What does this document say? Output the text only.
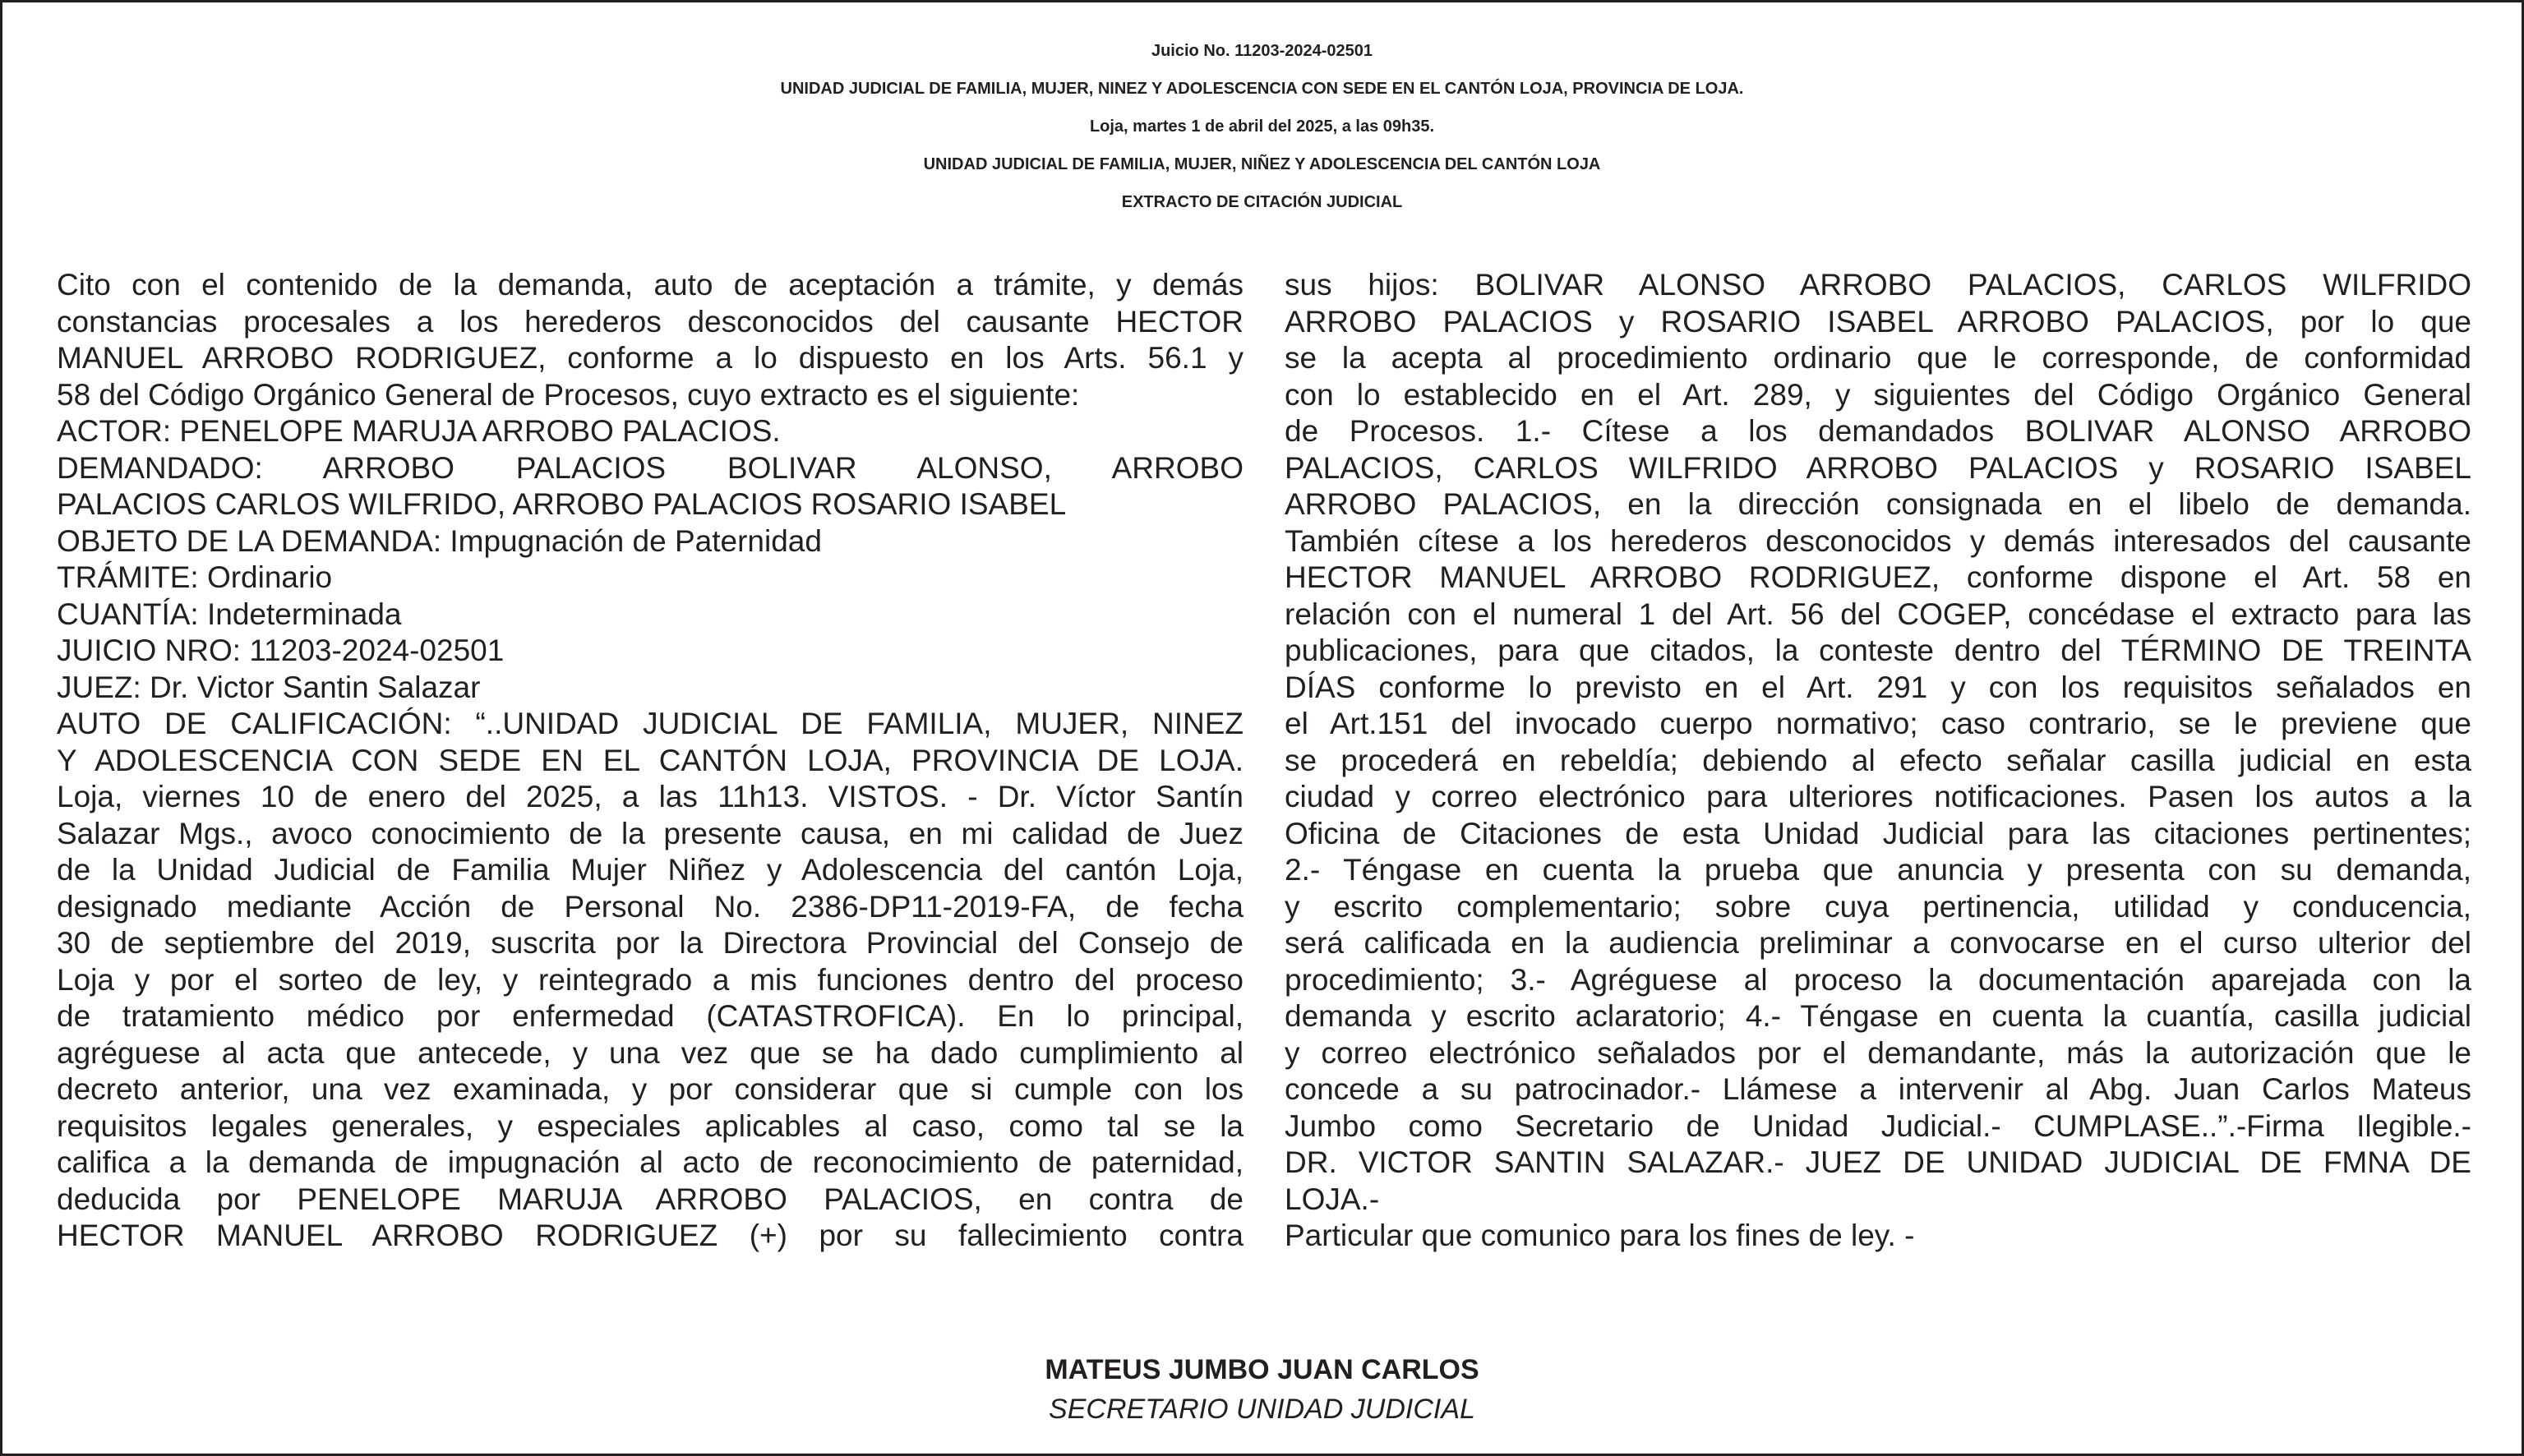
Juicio No. 11203-2024-02501
UNIDAD JUDICIAL DE FAMILIA, MUJER, NINEZ Y ADOLESCENCIA CON SEDE EN EL CANTÓN LOJA, PROVINCIA DE LOJA.
Loja, martes 1 de abril del 2025, a las 09h35.
UNIDAD JUDICIAL DE FAMILIA, MUJER, NIÑEZ Y ADOLESCENCIA DEL CANTÓN LOJA
EXTRACTO DE CITACIÓN JUDICIAL
Cito con el contenido de la demanda, auto de aceptación a trámite, y demás
constancias procesales a los herederos desconocidos del causante HECTOR
MANUEL ARROBO RODRIGUEZ, conforme a lo dispuesto en los Arts. 56.1 y
58 del Código Orgánico General de Procesos, cuyo extracto es el siguiente:
ACTOR: PENELOPE MARUJA ARROBO PALACIOS.
DEMANDADO: ARROBO PALACIOS BOLIVAR ALONSO, ARROBO
PALACIOS CARLOS WILFRIDO, ARROBO PALACIOS ROSARIO ISABEL
OBJETO DE LA DEMANDA: Impugnación de Paternidad
TRÁMITE: Ordinario
CUANTÍA: Indeterminada
JUICIO NRO: 11203-2024-02501
JUEZ: Dr. Victor Santin Salazar
AUTO DE CALIFICACIÓN: “..UNIDAD JUDICIAL DE FAMILIA, MUJER, NINEZ
Y ADOLESCENCIA CON SEDE EN EL CANTÓN LOJA, PROVINCIA DE LOJA.
Loja, viernes 10 de enero del 2025, a las 11h13. VISTOS. - Dr. Víctor Santín
Salazar Mgs., avoco conocimiento de la presente causa, en mi calidad de Juez
de la Unidad Judicial de Familia Mujer Niñez y Adolescencia del cantón Loja,
designado mediante Acción de Personal No. 2386-DP11-2019-FA, de fecha
30 de septiembre del 2019, suscrita por la Directora Provincial del Consejo de
Loja y por el sorteo de ley, y reintegrado a mis funciones dentro del proceso
de tratamiento médico por enfermedad (CATASTROFICA). En lo principal,
agréguese al acta que antecede, y una vez que se ha dado cumplimiento al
decreto anterior, una vez examinada, y por considerar que si cumple con los
requisitos legales generales, y especiales aplicables al caso, como tal se la
califica a la demanda de impugnación al acto de reconocimiento de paternidad,
deducida por PENELOPE MARUJA ARROBO PALACIOS, en contra de
HECTOR MANUEL ARROBO RODRIGUEZ (+) por su fallecimiento contra
sus hijos: BOLIVAR ALONSO ARROBO PALACIOS, CARLOS WILFRIDO
ARROBO PALACIOS y ROSARIO ISABEL ARROBO PALACIOS, por lo que
se la acepta al procedimiento ordinario que le corresponde, de conformidad
con lo establecido en el Art. 289, y siguientes del Código Orgánico General
de Procesos. 1.- Cítese a los demandados BOLIVAR ALONSO ARROBO
PALACIOS, CARLOS WILFRIDO ARROBO PALACIOS y ROSARIO ISABEL
ARROBO PALACIOS, en la dirección consignada en el libelo de demanda.
También cítese a los herederos desconocidos y demás interesados del causante
HECTOR MANUEL ARROBO RODRIGUEZ, conforme dispone el Art. 58 en
relación con el numeral 1 del Art. 56 del COGEP, concédase el extracto para las
publicaciones, para que citados, la conteste dentro del TÉRMINO DE TREINTA
DÍAS conforme lo previsto en el Art. 291 y con los requisitos señalados en
el Art.151 del invocado cuerpo normativo; caso contrario, se le previene que
se procederá en rebeldía; debiendo al efecto señalar casilla judicial en esta
ciudad y correo electrónico para ulteriores notificaciones. Pasen los autos a la
Oficina de Citaciones de esta Unidad Judicial para las citaciones pertinentes;
2.- Téngase en cuenta la prueba que anuncia y presenta con su demanda,
y escrito complementario; sobre cuya pertinencia, utilidad y conducencia,
será calificada en la audiencia preliminar a convocarse en el curso ulterior del
procedimiento; 3.- Agréguese al proceso la documentación aparejada con la
demanda y escrito aclaratorio; 4.- Téngase en cuenta la cuantía, casilla judicial
y correo electrónico señalados por el demandante, más la autorización que le
concede a su patrocinador.- Llámese a intervenir al Abg. Juan Carlos Mateus
Jumbo como Secretario de Unidad Judicial.- CUMPLASE..”.-Firma Ilegible.-
DR. VICTOR SANTIN SALAZAR.- JUEZ DE UNIDAD JUDICIAL DE FMNA DE
LOJA.-
Particular que comunico para los fines de ley. -
MATEUS JUMBO JUAN CARLOS
SECRETARIO UNIDAD JUDICIAL
